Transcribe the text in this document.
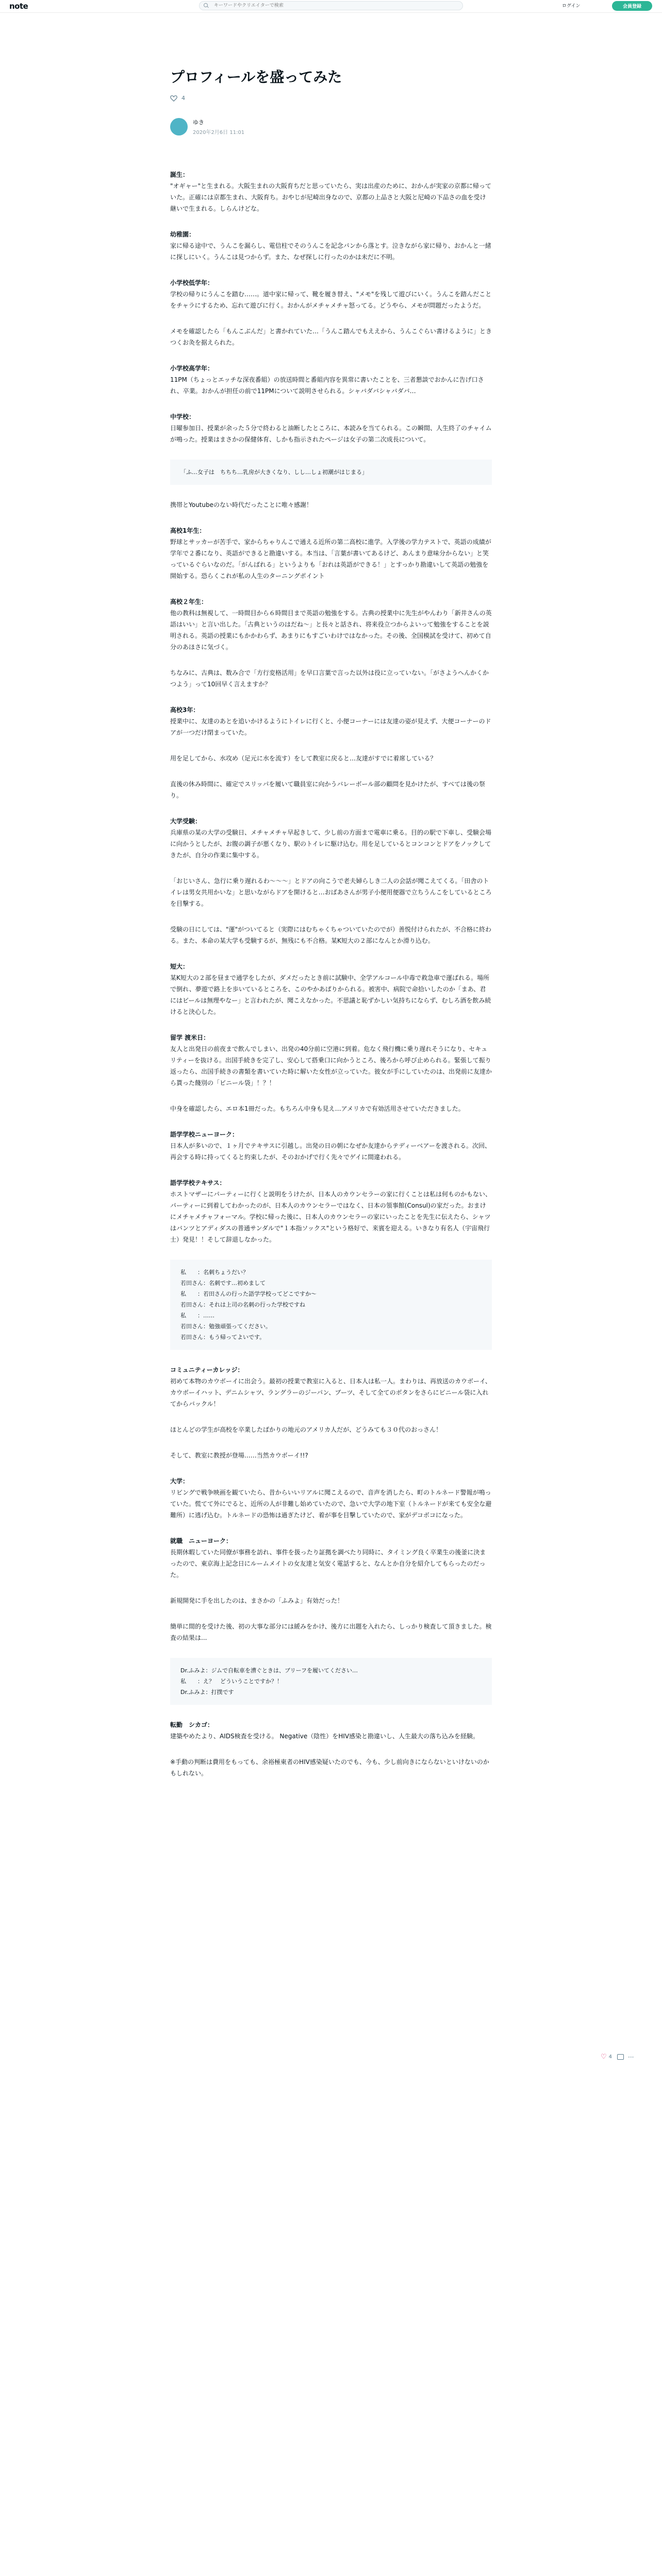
note
キーワードやクリエイターで検索	ログイン	会員登録
プロフィールを盛ってみた
4
ゆき
2020年2月6日 11:01
誕生：

"オギャー"と生まれる。大阪生まれの大阪育ちだと思っていたら、実は出産のために、おかんが実家の京都に帰っていた。正確には京都生まれ、大阪育ち。おやじが尼崎出身なので、京都の上品さと大阪と尼崎の下品さの血を受け継いで生まれる。しらんけどな。

幼稚園：

家に帰る途中で、うんこを漏らし、電信柱でそのうんこを記念パンから落とす。泣きながら家に帰り、おかんと一緒に探しにいく。うんこは見つからず。また、なぜ探しに行ったのかは未だに不明。

小学校低学年：

学校の帰りにうんこを踏む……。道中家に帰って、靴を履き替え、"メモ"を残して遊びにいく。うんこを踏んだことをチャラにするため、忘れて遊びに行く。おかんがメチャメチャ怒ってる。どうやら、メモが問題だったようだ。

メモを確認したら「もんこぶんだ」と書かれていた…「うんこ踏んでもええから、うんこぐらい書けるように」ときつくお灸を据えられた。

小学校高学年：

11PM（ちょっとエッチな深夜番組）の放送時間と番組内容を異常に書いたことを、三者懇談でおかんに告げ口され、卒業。おかんが担任の前で11PMについて説明させられる。シャバダバシャバダバ…

中学校：

日曜参加日、授業が余った５分で終わると油断したところに、本読みを当てられる。この瞬間、人生終了のチャイムが鳴った。授業はまさかの保健体育、しかも指示されたページは女子の第二次成長について。

「ふ…女子は　ちちち…乳房が大きくなり、しし…しょ初潮がはじまる」

携帯とYoutubeのない時代だったことに唯々感謝！

高校1年生：

野球とサッカーが苦手で、家からちゃりんこで通える近所の第二高校に進学。入学後の学力テストで、英語の成績が学年で２番になり、英語ができると勘違いする。本当は、「言葉が書いてあるけど、あんまり意味分からない」と笑っているぐらいなのだ。「がんばれる」というよりも「おれは英語ができる！」とすっかり勘違いして英語の勉強を開始する。恐らくこれが私の人生のターニングポイント

高校２年生：

他の教科は無視して、一時間目から６時間目まで英語の勉強をする。古典の授業中に先生がやんわり「新井さんの英語はいい」と言い出した。「古典というのはだね〜」と長々と話され、将来役立つからよいって勉強をすることを説明される。英語の授業にもかかわらず、あまりにもすごいわけではなかった。その後、全国模試を受けて、初めて自分のあほさに気づく。

ちなみに、古典は、数み合で「方行変格活用」を早口言葉で言った以外は役に立っていない。「がさようへんかくかつよう」って10回早く言えますか？

高校3年：

授業中に、友達のあとを追いかけるようにトイレに行くと、小便コーナーには友達の姿が見えず、大便コーナーのドアが一つだけ閉まっていた。

用を足してから、水攻め（足元に水を流す）をして教室に戻ると…友達がすでに着席している？

直後の休み時間に、確定でスリッパを履いて職員室に向かうバレーボール部の顧問を見かけたが、すべては後の祭り。

大学受験：

兵庫県の某の大学の受験日、メチャメチャ早起きして、少し前の方面まで電車に乗る。目的の駅で下車し、受験会場に向かうとしたが、お腹の調子が悪くなり、駅のトイレに駆け込む。用を足しているとコンコンとドアをノックしてきたが、自分の作業に集中する。

「おじいさん、急行に乗り遅れるわ〜〜〜」とドアの向こうで老夫婦らしき二人の会話が聞こえてくる。「田舎のトイレは男女共用かいな」と思いながらドアを開けると…おばあさんが男子小便用便器で立ちうんこをしているところを目撃する。

受験の日にしては、"運"がついてると（実際にはむちゃくちゃついていたのでが）善悦付けられたが、不合格に終わる。また、本命の某大学も受験するが、無残にも不合格。某K短大の２部になんとか滑り込む。

短大：

某K短大の２部を昼まで通学をしたが、ダメだったとき前に試験中、全学アルコール中毒で救急車で運ばれる。場所で倒れ、夢遊で路上を歩いているところを、このやかあぱりかられる。被害中、病院で命拾いしたのか「まあ、君にはビールは無理やなー」と言われたが、聞こえなかった。不思議と恥ずかしい気持ちにならず、むしろ酒を飲み続けると決心した。

留学 渡米日：

友人と出発日の前夜まで飲んでしまい、出発の40分前に空港に到着。危なく飛行機に乗り遅れそうになり、セキュリティーを抜ける。出国手続きを完了し、安心して搭乗口に向かうところ、後ろから呼び止められる。緊張して振り返ったら、出国手続きの書類を書いていた時に解いた女性が立っていた。彼女が手にしていたのは、出発前に友達から貰った餞別の「ビニール袋」！？！

中身を確認したら、エロ本1冊だった。もちろん中身も見え…アメリカで有効活用させていただきました。

語学学校ニューヨーク：

日本人が多いので、１ヶ月でテキサスに引越し。出発の日の朝になぜか友達からテディーベアーを渡される。次回、再会する時に持ってくると約束したが、そのおかげで行く先々でゲイに間違われる。

語学学校テキサス：

ホストマザーにパーティーに行くと説明をうけたが、日本人のカウンセラーの家に行くことは私は何ものかもない、パーティーに到着してわかったのが、日本人のカウンセラーではなく、日本の領事館(Consul)の家だった。おまけにメチャメチャフォーマル。学校に帰った後に、日本人のカウンセラーの家にいったことを先生に伝えたら、シャツはバンツとアディダスの普通サンダルで"１本指ソックス"という格好で、来賓を迎える。いきなり有名人（宇宙飛行士）発見！！そして辞退しなかった。

私　　：名刺ちょうだい？
若田さん：名刺です…初めまして
私　　：若田さんの行った語学学校ってどこですか〜
若田さん：それは上司の名刺の行った学校ですね
私　　：……
若田さん：勉強頑張ってください。
若田さん：もう帰ってよいです。
コミュニティーカレッジ：

初めて本物のカウボーイに出会う。最初の授業で教室に入ると、日本人は私一人。まわりは、再放送のカウボーイ、カウボーイハット、デニムシャツ、ラングラーのジーパン、ブーツ、そして全てのボタンをさらにビニール袋に入れてからバックル！

ほとんどの学生が高校を卒業したばかりの地元のアメリカ人だが、どうみても３０代のおっさん！

そして、教室に教授が登場……当然カウボーイ!!?

大学：

リビングで戦争映画を観ていたら、昔からいいリアルに聞こえるので、音声を消したら、町のトルネード警報が鳴っていた。慌てて外にでると、近所の人が非難し始めていたので、急いで大学の地下室（トルネードが来ても安全な避難所）に逃げ込む。トルネードの恐怖は過ぎたけど、着が事を目撃していたので、家がデコボコになった。

就職　ニューヨーク：

長期休暇していた同僚が事務を訪れ、事件を扱ったり証拠を調べたり同時に、タイミング良く卒業生の後釜に決まったので、東京海上記念日にルームメイトの女友達と気安く電話すると、なんとか自分を紹介してもらったのだった。

新規開発に手を出したのは、まさかの「ふみよ」有効だった！

簡単に間的を受けた後、初の大事な部分には緩みをかけ、後方に出題を入れたら、しっかり検査して頂きました。検査の結果は...

Dr.ふみよ：ジムで自転車を漕ぐときは、ブリーフを履いてください…
私　　：え？　どういうことですか？！
Dr.ふみよ：打撲です
転勤　シカゴ：

建築やめたより、AIDS検査を受ける。 Negative（陰性）をHIV感染と勘違いし、人生最大の落ち込みを経験。

※手動の判断は費用をもっても、余裕極東者のHIV感染疑いたのでも、今も、少し前向きにならないといけないのかもしれない。

♡ 4	···
